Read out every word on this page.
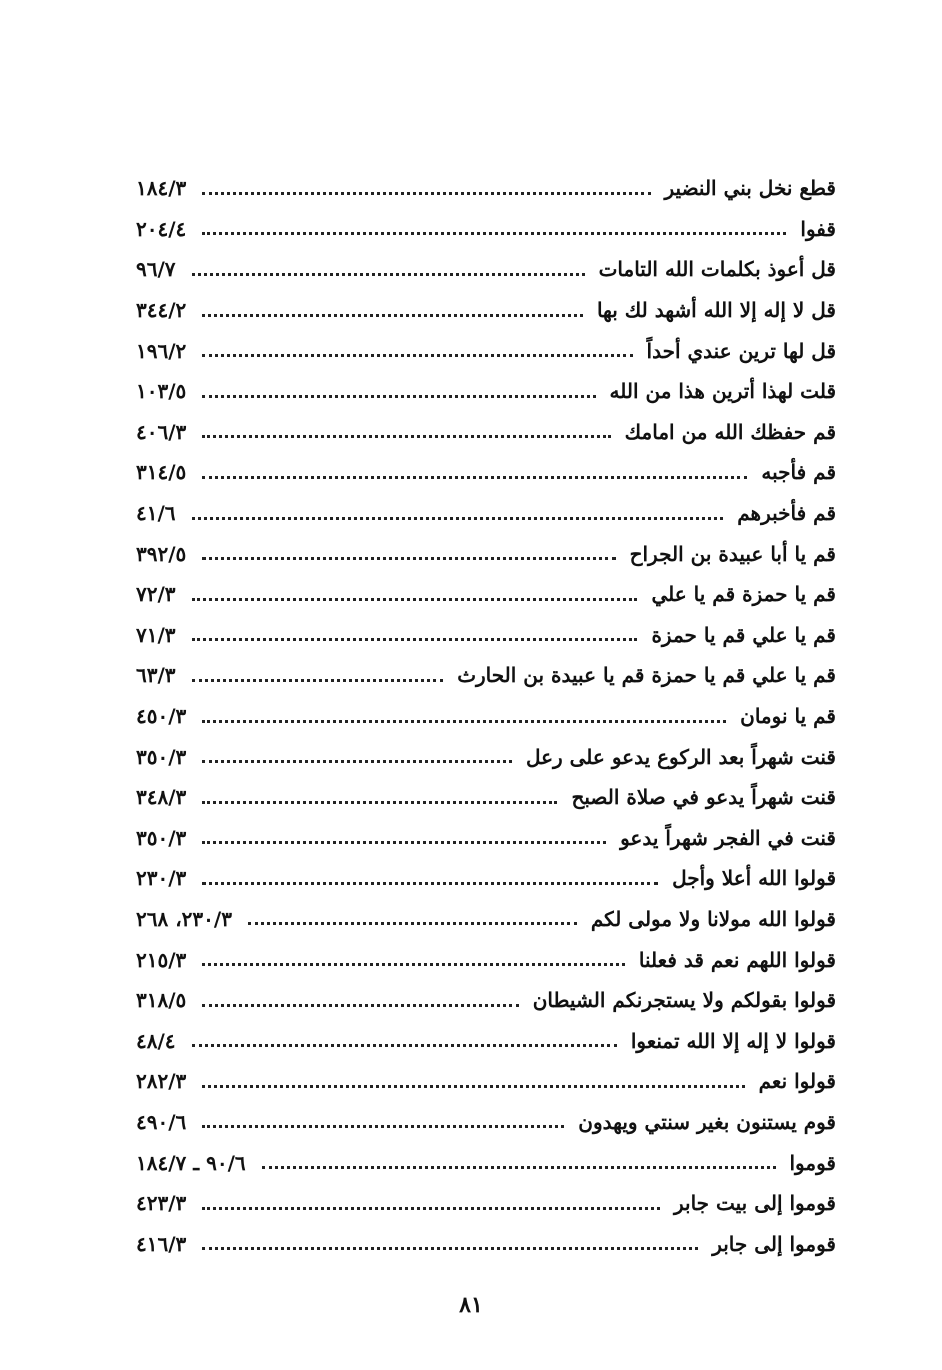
قطع نخل بني النضير
١٨٤/٣
قفوا
٢٠٤/٤
قل أعوذ بكلمات الله التامات
٩٦/٧
قل لا إله إلا الله أشهد لك بها
٣٤٤/٢
قل لها ترين عندي أحداً
١٩٦/٢
قلت لهذا أترين هذا من الله
١٠٣/٥
قم حفظك الله من امامك
٤٠٦/٣
قم فأجبه
٣١٤/٥
قم فأخبرهم
٤١/٦
قم يا أبا عبيدة بن الجراح
٣٩٢/٥
قم يا حمزة قم يا علي
٧٢/٣
قم يا علي قم يا حمزة
٧١/٣
قم يا علي قم يا حمزة قم يا عبيدة بن الحارث
٦٣/٣
قم يا نومان
٤٥٠/٣
قنت شهراً بعد الركوع يدعو على رعل
٣٥٠/٣
قنت شهراً يدعو في صلاة الصبح
٣٤٨/٣
قنت في الفجر شهراً يدعو
٣٥٠/٣
قولوا الله أعلا وأجل
٢٣٠/٣
قولوا الله مولانا ولا مولى لكم
٢٣٠/٣، ٢٦٨
قولوا اللهم نعم قد فعلنا
٢١٥/٣
قولوا بقولكم ولا يستجرنكم الشيطان
٣١٨/٥
قولوا لا إله إلا الله تمنعوا
٤٨/٤
قولوا نعم
٢٨٢/٣
قوم يستنون بغير سنتي ويهدون
٤٩٠/٦
قوموا
٩٠/٦ ـ ١٨٤/٧
قوموا إلى بيت جابر
٤٢٣/٣
قوموا إلى جابر
٤١٦/٣
٨١
